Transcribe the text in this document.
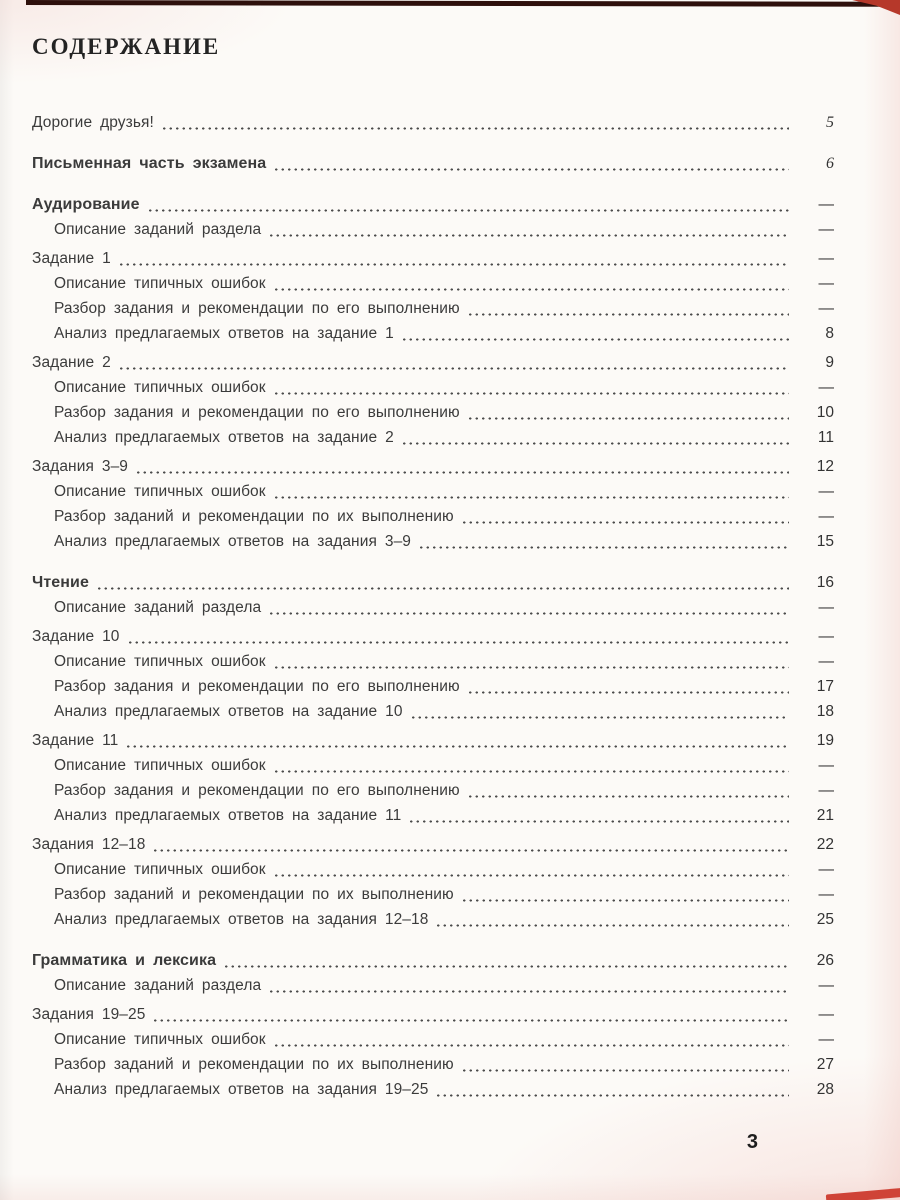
СОДЕРЖАНИЕ
Дорогие друзья!	5
Письменная часть экзамена	6
Аудирование	—
Описание заданий раздела	—
Задание 1	—
Описание типичных ошибок	—
Разбор задания и рекомендации по его выполнению	—
Анализ предлагаемых ответов на задание 1	8
Задание 2	9
Описание типичных ошибок	—
Разбор задания и рекомендации по его выполнению	10
Анализ предлагаемых ответов на задание 2	11
Задания 3–9	12
Описание типичных ошибок	—
Разбор заданий и рекомендации по их выполнению	—
Анализ предлагаемых ответов на задания 3–9	15
Чтение	16
Описание заданий раздела	—
Задание 10	—
Описание типичных ошибок	—
Разбор задания и рекомендации по его выполнению	17
Анализ предлагаемых ответов на задание 10	18
Задание 11	19
Описание типичных ошибок	—
Разбор задания и рекомендации по его выполнению	—
Анализ предлагаемых ответов на задание 11	21
Задания 12–18	22
Описание типичных ошибок	—
Разбор заданий и рекомендации по их выполнению	—
Анализ предлагаемых ответов на задания 12–18	25
Грамматика и лексика	26
Описание заданий раздела	—
Задания 19–25	—
Описание типичных ошибок	—
Разбор заданий и рекомендации по их выполнению	27
Анализ предлагаемых ответов на задания 19–25	28
3
